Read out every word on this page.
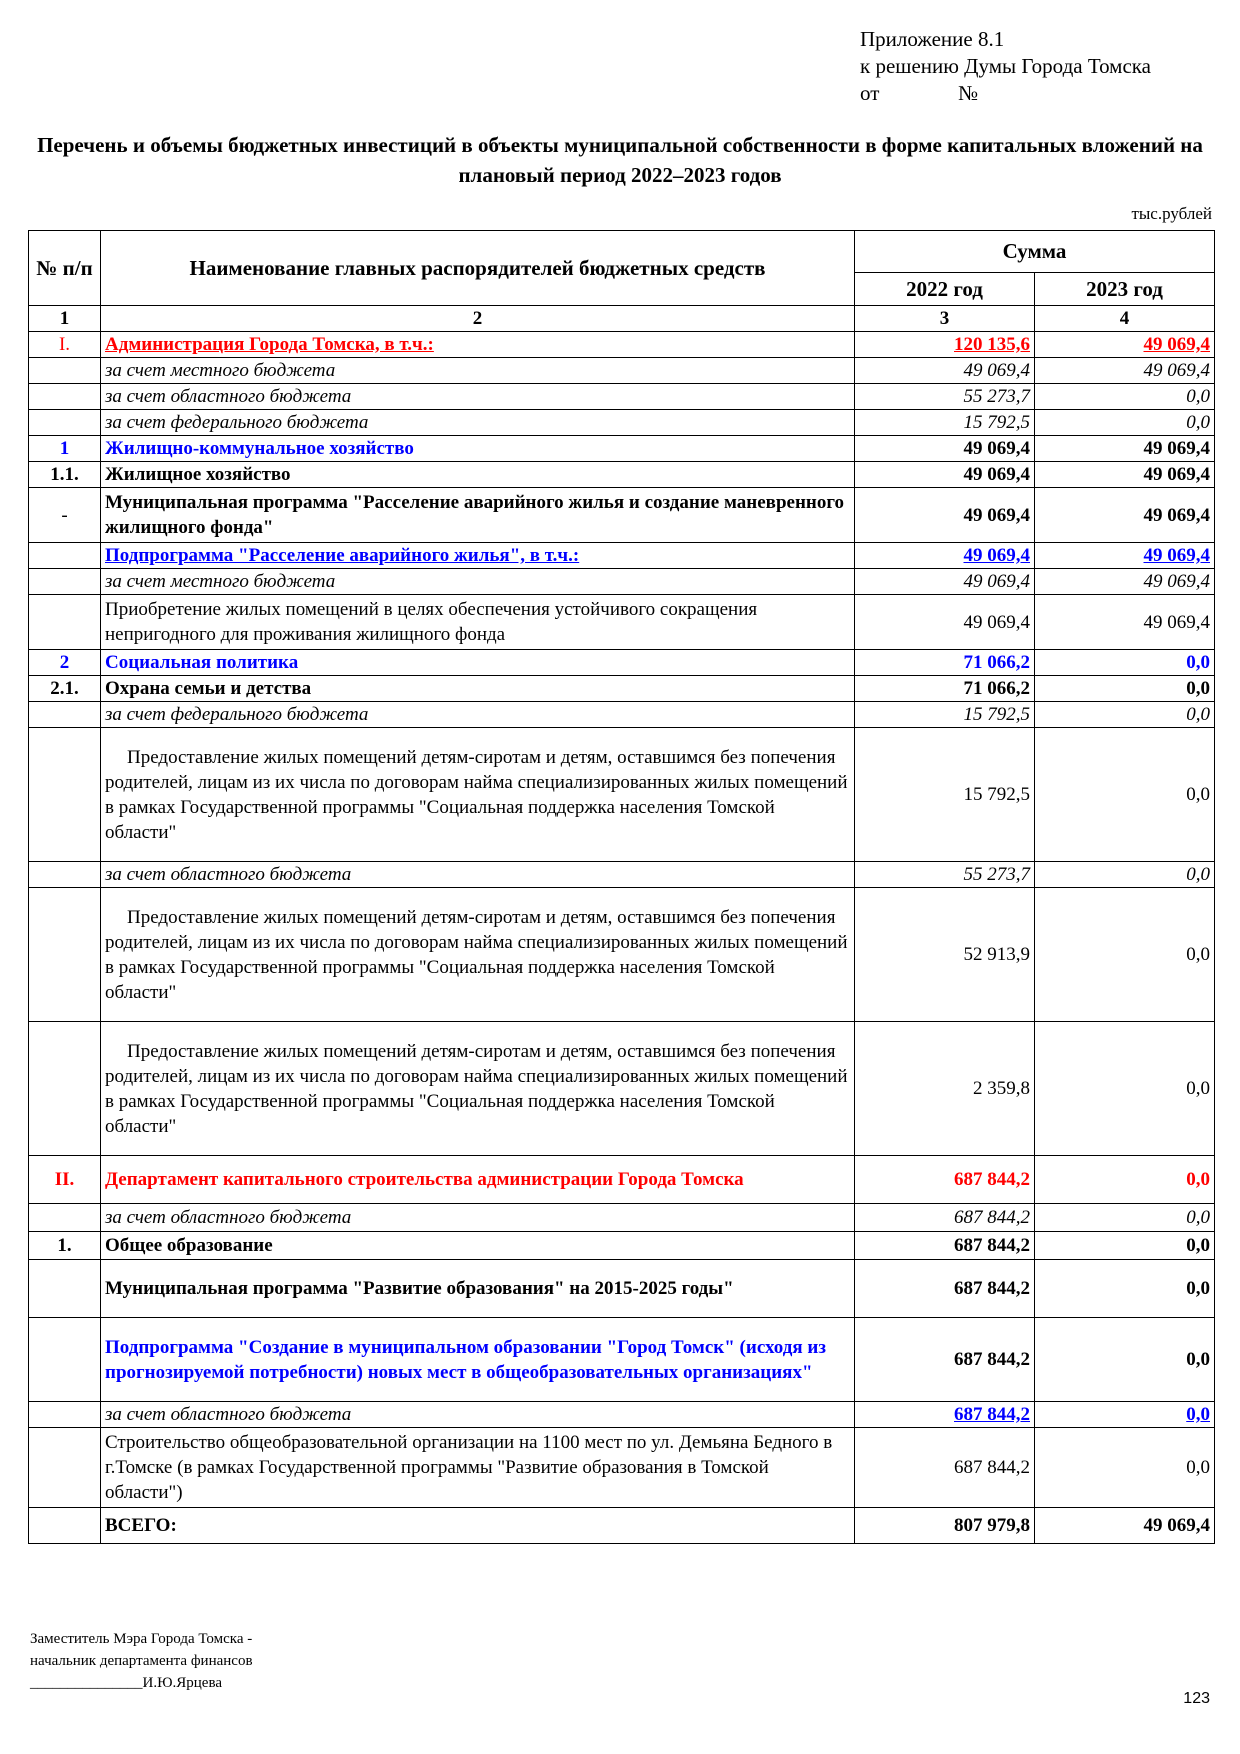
Приложение 8.1
к решению Думы Города Томска
от               №
Перечень и объемы бюджетных инвестиций в объекты муниципальной собственности в форме капитальных вложений на плановый период 2022–2023 годов
тыс.рублей
№ п/п	Наименование главных распорядителей бюджетных средств	Сумма	
		2022 год	2023 год
1	2	3	4
I.	Администрация Города Томска, в т.ч.:	120 135,6	49 069,4
	за счет местного бюджета	49 069,4	49 069,4
	за счет областного бюджета	55 273,7	0,0
	за счет федерального бюджета	15 792,5	0,0
1	Жилищно-коммунальное хозяйство	49 069,4	49 069,4
1.1.	Жилищное хозяйство	49 069,4	49 069,4
-	Муниципальная программа "Расселение аварийного жилья и создание маневренного жилищного фонда"	49 069,4	49 069,4
	Подпрограмма "Расселение аварийного жилья", в т.ч.:	49 069,4	49 069,4
	за счет местного бюджета	49 069,4	49 069,4
	Приобретение жилых помещений в целях обеспечения устойчивого сокращения непригодного для проживания жилищного фонда	49 069,4	49 069,4
2	Социальная политика	71 066,2	0,0
2.1.	Охрана семьи и детства	71 066,2	0,0
	за счет федерального бюджета	15 792,5	0,0
	Предоставление жилых помещений детям-сиротам и детям, оставшимся без попечения родителей, лицам из их числа по договорам найма специализированных жилых помещений в рамках Государственной программы "Социальная поддержка населения Томской области"	15 792,5	0,0
	за счет областного бюджета	55 273,7	0,0
	Предоставление жилых помещений детям-сиротам и детям, оставшимся без попечения родителей, лицам из их числа по договорам найма специализированных жилых помещений в рамках Государственной программы "Социальная поддержка населения Томской области"	52 913,9	0,0
	Предоставление жилых помещений детям-сиротам и детям, оставшимся без попечения родителей, лицам из их числа по договорам найма специализированных жилых помещений в рамках Государственной программы "Социальная поддержка населения Томской области"	2 359,8	0,0
II.	Департамент капитального строительства администрации Города Томска	687 844,2	0,0
	за счет областного бюджета	687 844,2	0,0
1.	Общее образование	687 844,2	0,0
	Муниципальная программа "Развитие образования" на 2015-2025 годы"	687 844,2	0,0
	Подпрограмма "Создание в муниципальном образовании "Город Томск" (исходя из прогнозируемой потребности) новых мест в общеобразовательных организациях"	687 844,2	0,0
	за счет областного бюджета	687 844,2	0,0
	Строительство общеобразовательной организации на 1100 мест по ул. Демьяна Бедного в г.Томске (в рамках Государственной программы "Развитие образования в Томской области")	687 844,2	0,0
	ВСЕГО:	807 979,8	49 069,4
Заместитель Мэра Города Томска -
начальник департамента финансов
_______________И.Ю.Ярцева
123
